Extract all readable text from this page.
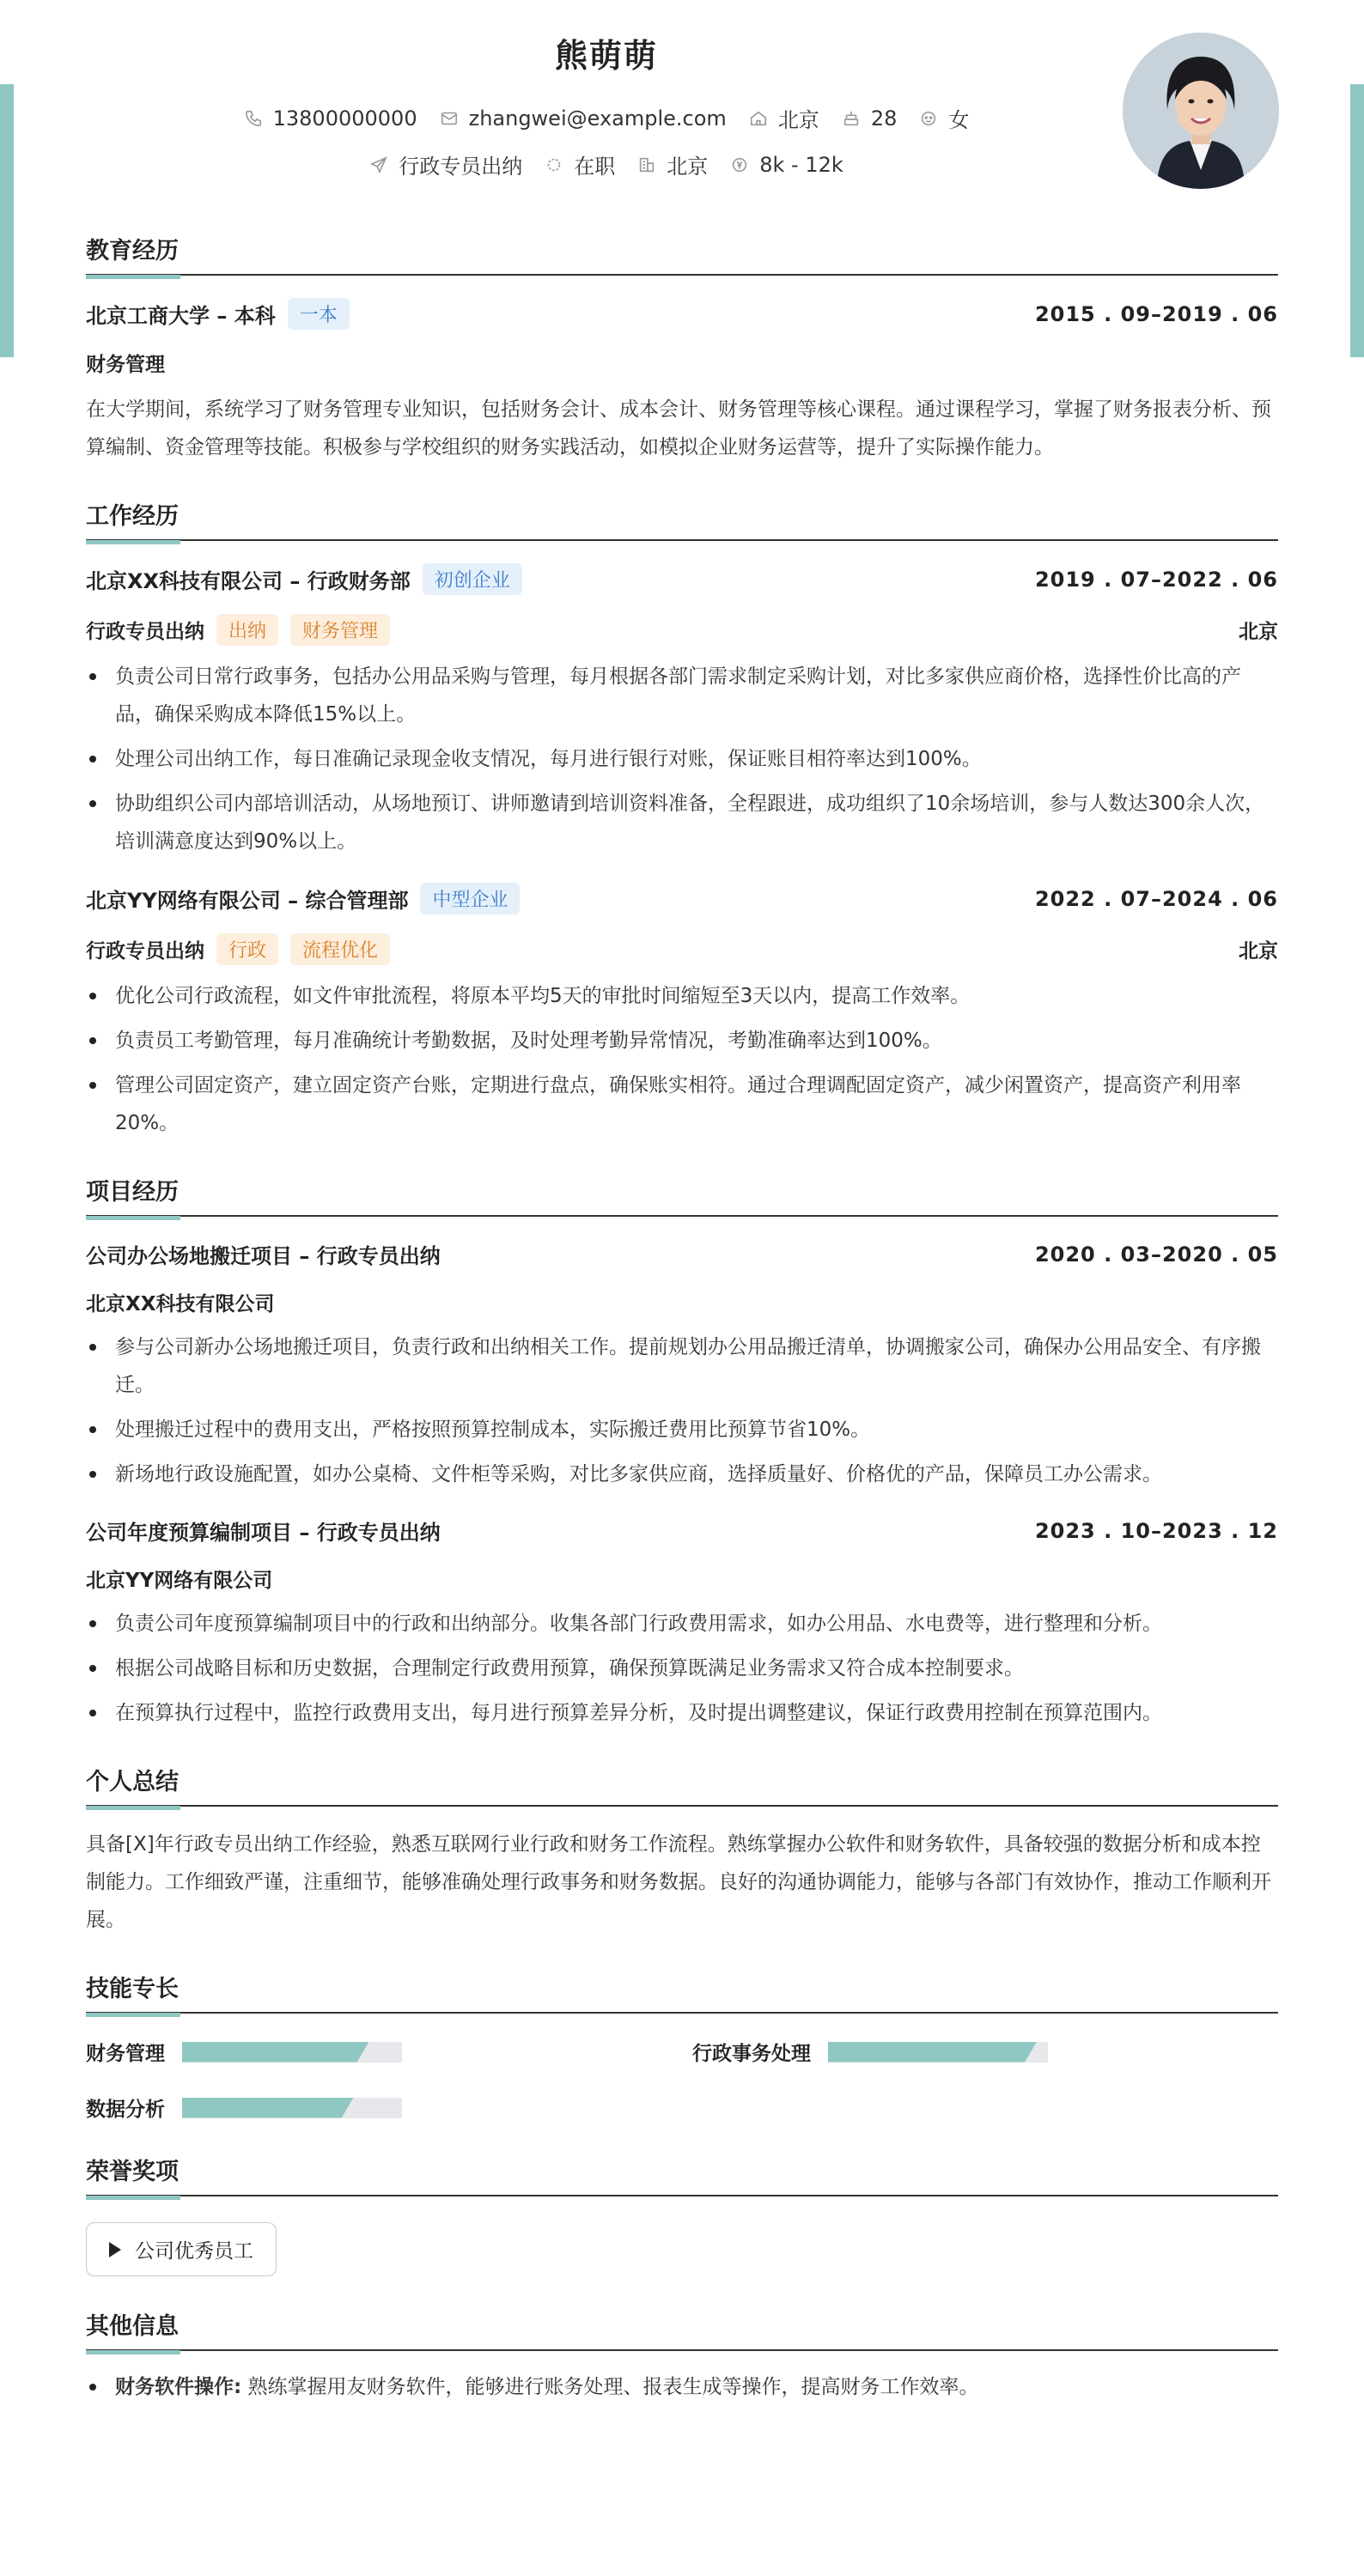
熊萌萌
13800000000	zhangwei@example.com	北京	28	女
行政专员出纳	在职	北京	8k - 12k
教育经历
北京工商大学 – 本科	一本	2015 . 09–2019 . 06
财务管理
在大学期间，系统学习了财务管理专业知识，包括财务会计、成本会计、财务管理等核心课程。通过课程学习，掌握了财务报表分析、预算编制、资金管理等技能。积极参与学校组织的财务实践活动，如模拟企业财务运营等，提升了实际操作能力。
工作经历
北京XX科技有限公司 – 行政财务部	初创企业	2019 . 07–2022 . 06
行政专员出纳	出纳	财务管理	北京
负责公司日常行政事务，包括办公用品采购与管理，每月根据各部门需求制定采购计划，对比多家供应商价格，选择性价比高的产品，确保采购成本降低15%以上。
处理公司出纳工作，每日准确记录现金收支情况，每月进行银行对账，保证账目相符率达到100%。
协助组织公司内部培训活动，从场地预订、讲师邀请到培训资料准备，全程跟进，成功组织了10余场培训，参与人数达300余人次，培训满意度达到90%以上。
北京YY网络有限公司 – 综合管理部	中型企业	2022 . 07–2024 . 06
行政专员出纳	行政	流程优化	北京
优化公司行政流程，如文件审批流程，将原本平均5天的审批时间缩短至3天以内，提高工作效率。
负责员工考勤管理，每月准确统计考勤数据，及时处理考勤异常情况，考勤准确率达到100%。
管理公司固定资产，建立固定资产台账，定期进行盘点，确保账实相符。通过合理调配固定资产，减少闲置资产，提高资产利用率20%。
项目经历
公司办公场地搬迁项目 – 行政专员出纳	2020 . 03–2020 . 05
北京XX科技有限公司
参与公司新办公场地搬迁项目，负责行政和出纳相关工作。提前规划办公用品搬迁清单，协调搬家公司，确保办公用品安全、有序搬迁。
处理搬迁过程中的费用支出，严格按照预算控制成本，实际搬迁费用比预算节省10%。
新场地行政设施配置，如办公桌椅、文件柜等采购，对比多家供应商，选择质量好、价格优的产品，保障员工办公需求。
公司年度预算编制项目 – 行政专员出纳	2023 . 10–2023 . 12
北京YY网络有限公司
负责公司年度预算编制项目中的行政和出纳部分。收集各部门行政费用需求，如办公用品、水电费等，进行整理和分析。
根据公司战略目标和历史数据，合理制定行政费用预算，确保预算既满足业务需求又符合成本控制要求。
在预算执行过程中，监控行政费用支出，每月进行预算差异分析，及时提出调整建议，保证行政费用控制在预算范围内。
个人总结
具备[X]年行政专员出纳工作经验，熟悉互联网行业行政和财务工作流程。熟练掌握办公软件和财务软件，具备较强的数据分析和成本控制能力。工作细致严谨，注重细节，能够准确处理行政事务和财务数据。良好的沟通协调能力，能够与各部门有效协作，推动工作顺利开展。
技能专长
财务管理	行政事务处理
数据分析
荣誉奖项
公司优秀员工
其他信息
财务软件操作: 熟练掌握用友财务软件，能够进行账务处理、报表生成等操作，提高财务工作效率。
